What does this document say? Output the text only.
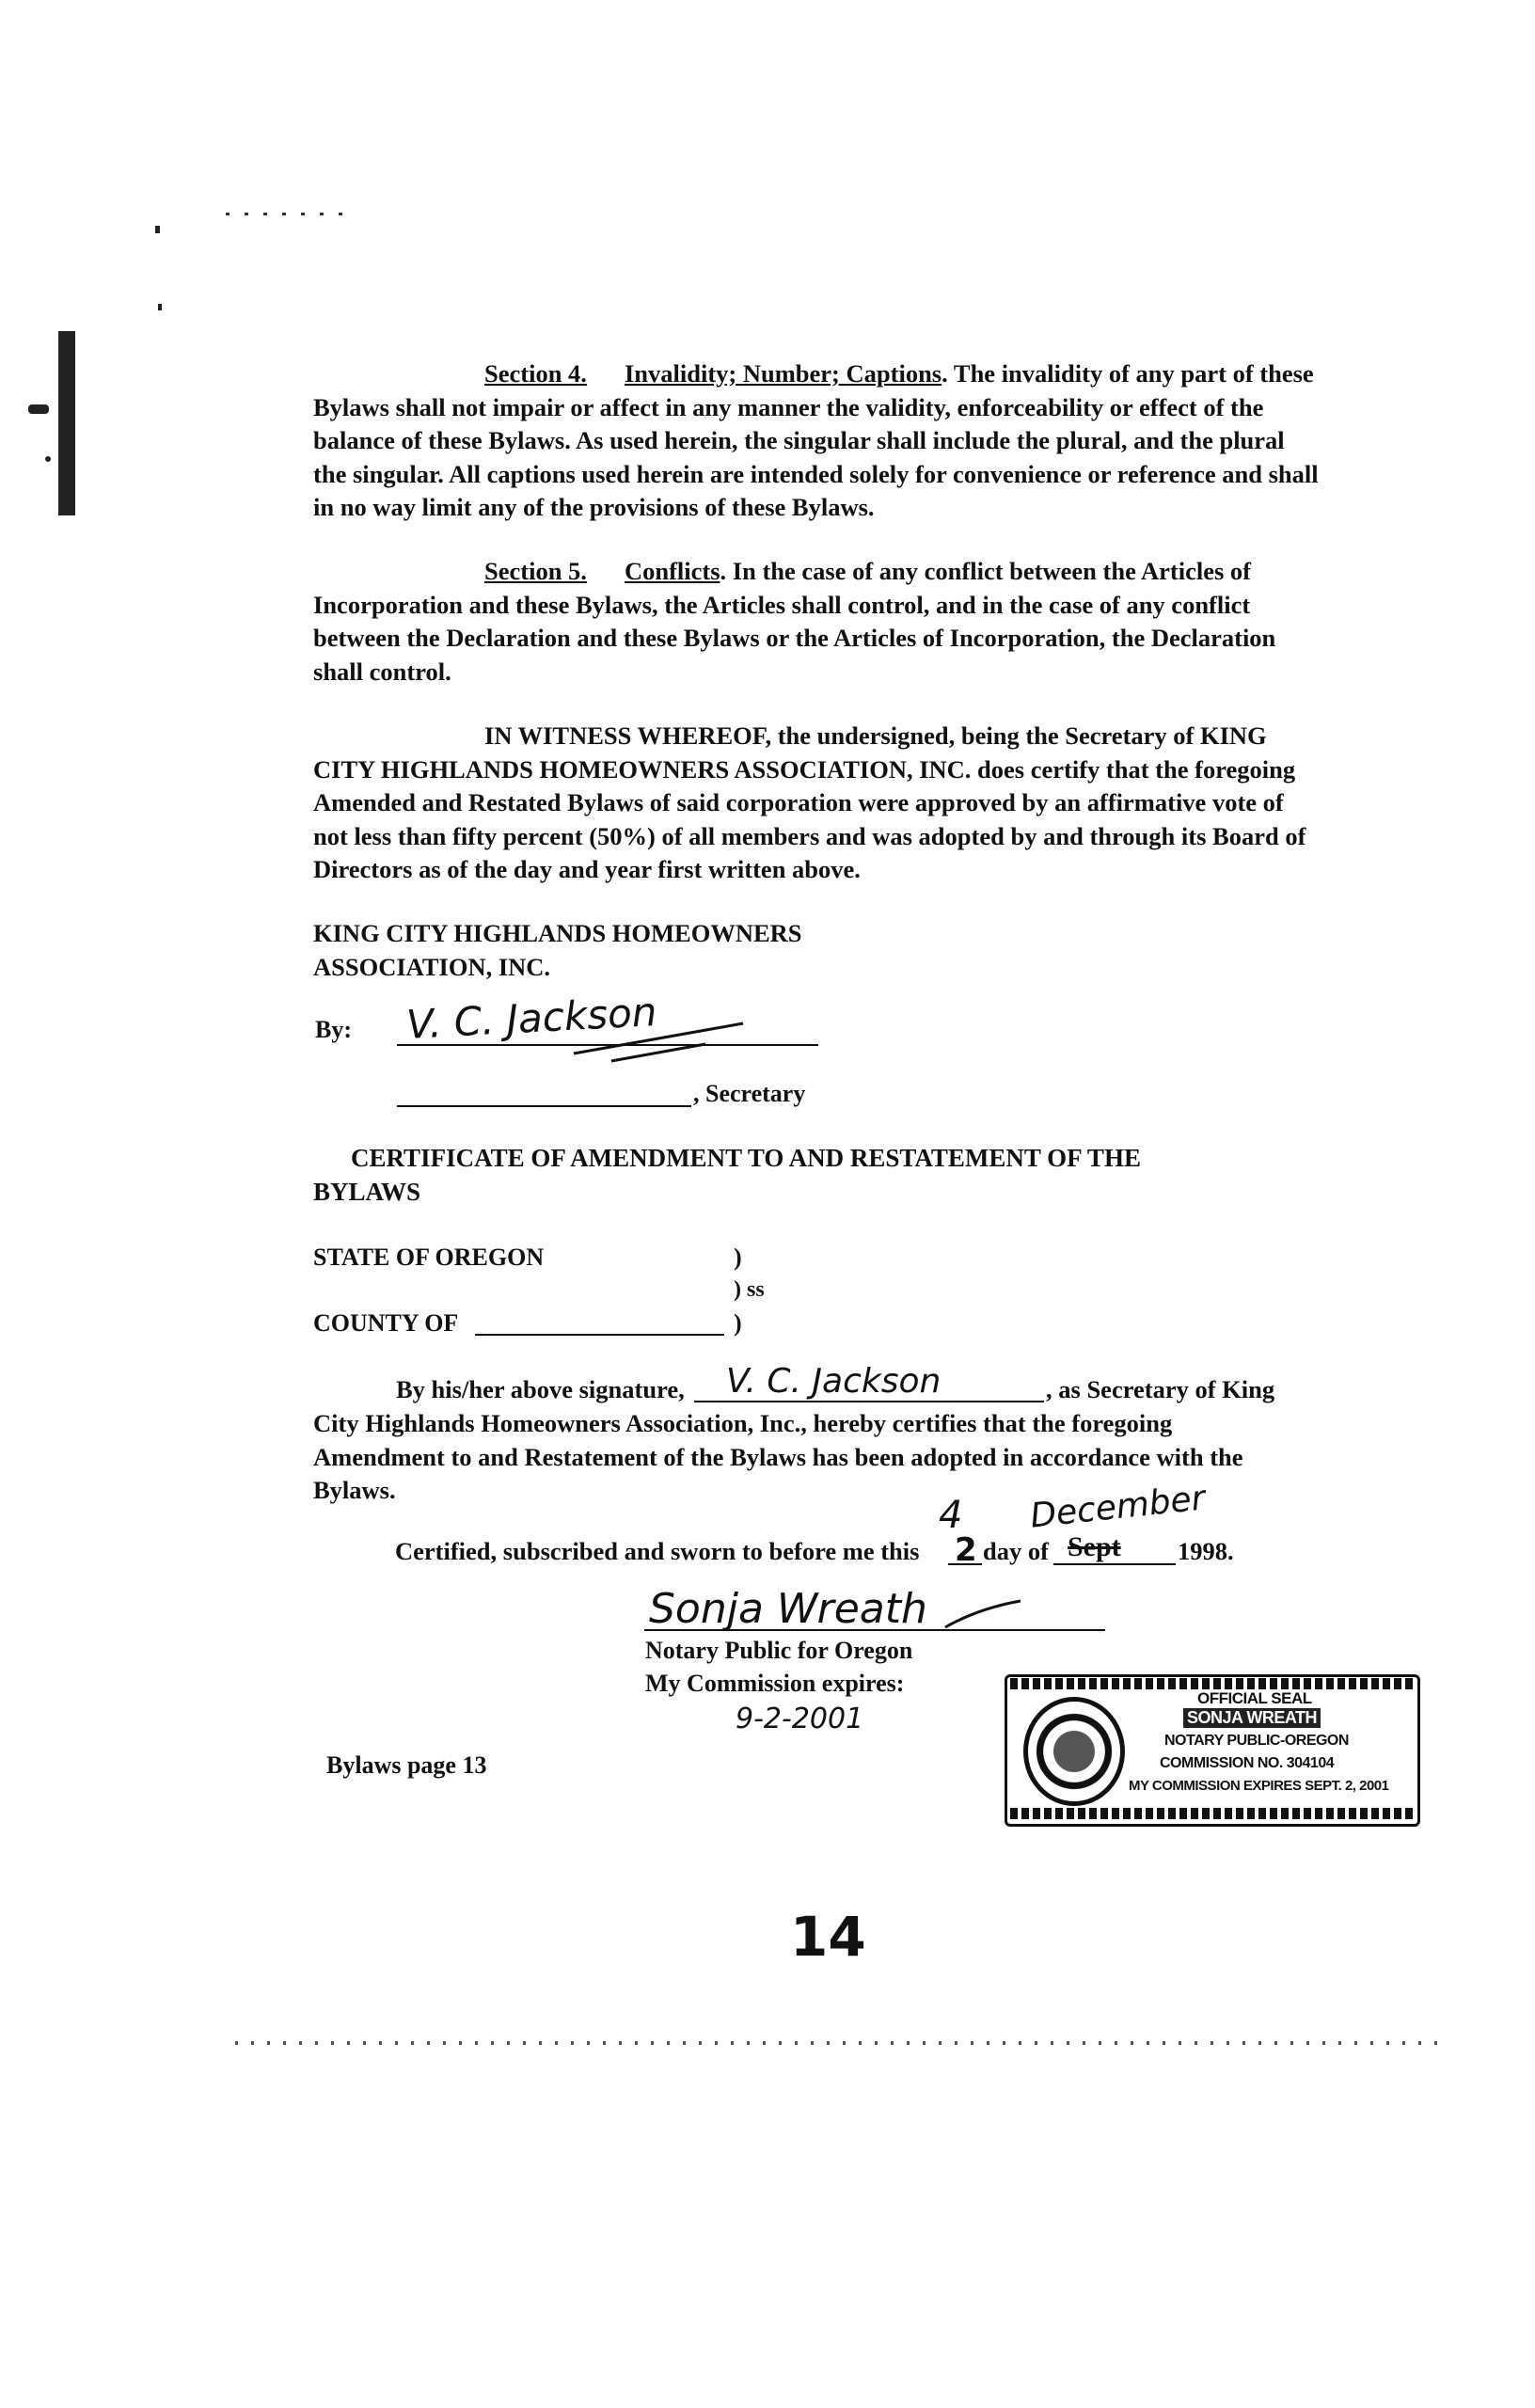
Section 4. Invalidity; Number; Captions. The invalidity of any part of these Bylaws shall not impair or affect in any manner the validity, enforceability or effect of the balance of these Bylaws. As used herein, the singular shall include the plural, and the plural the singular. All captions used herein are intended solely for convenience or reference and shall in no way limit any of the provisions of these Bylaws.
Section 5. Conflicts. In the case of any conflict between the Articles of Incorporation and these Bylaws, the Articles shall control, and in the case of any conflict between the Declaration and these Bylaws or the Articles of Incorporation, the Declaration shall control.
IN WITNESS WHEREOF, the undersigned, being the Secretary of KING CITY HIGHLANDS HOMEOWNERS ASSOCIATION, INC. does certify that the foregoing Amended and Restated Bylaws of said corporation were approved by an affirmative vote of not less than fifty percent (50%) of all members and was adopted by and through its Board of Directors as of the day and year first written above.
KING CITY HIGHLANDS HOMEOWNERS
ASSOCIATION, INC.
By: V. C. Jackson
, Secretary
CERTIFICATE OF AMENDMENT TO AND RESTATEMENT OF THE
BYLAWS
STATE OF OREGON	)
) ss
COUNTY OF	)
By his/her above signature, V. C. Jackson	, as Secretary of King
City Highlands Homeowners Association, Inc., hereby certifies that the foregoing Amendment to and Restatement of the Bylaws has been adopted in accordance with the Bylaws.
Certified, subscribed and sworn to before me this 2
4
day of Sept
December
1998.
Sonja Wreath
Notary Public for Oregon
My Commission expires:
9-2-2001
OFFICIAL SEAL
SONJA WREATH
NOTARY PUBLIC-OREGON
COMMISSION NO. 304104
MY COMMISSION EXPIRES SEPT. 2, 2001
Bylaws page 13
14
